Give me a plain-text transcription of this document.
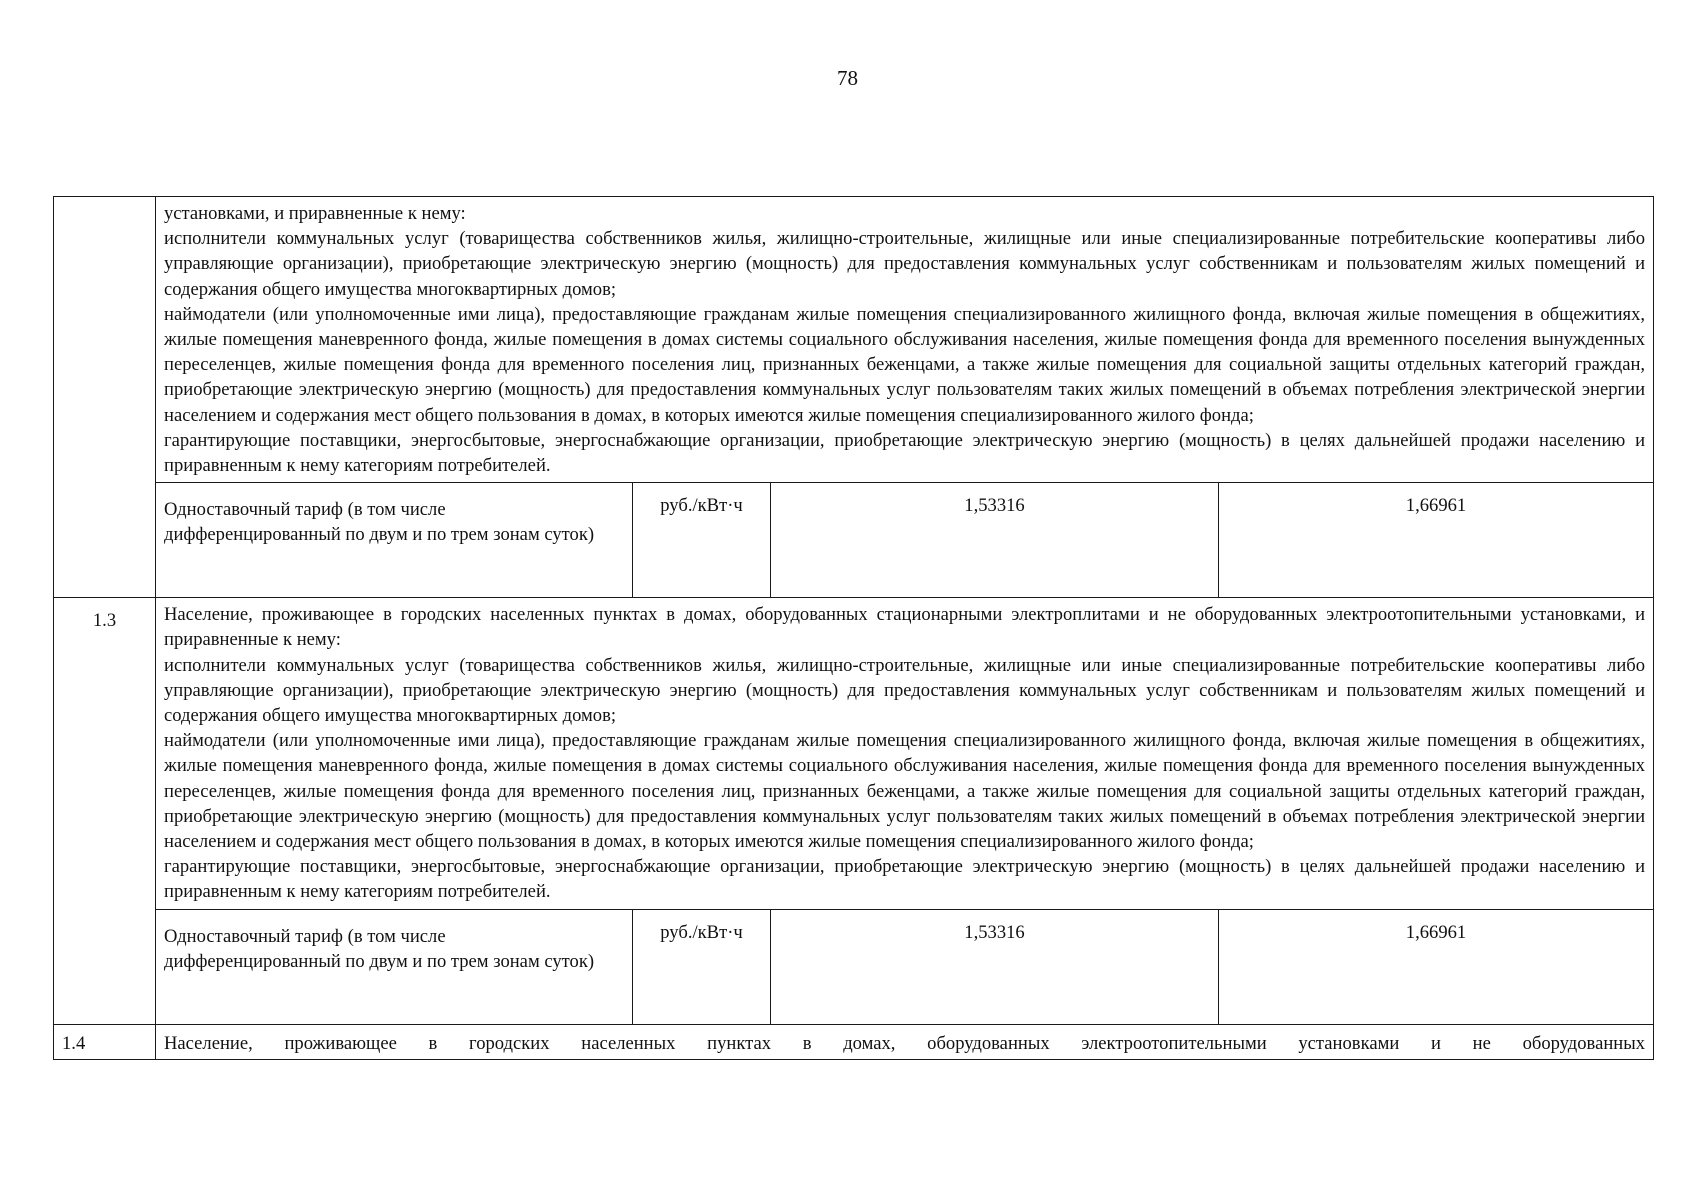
78

	установками, и приравненные к нему:
исполнители коммунальных услуг (товарищества собственников жилья, жилищно-строительные, жилищные или иные специализированные потребительские кооперативы либо управляющие организации), приобретающие электрическую энергию (мощность) для предоставления коммунальных услуг собственникам и пользователям жилых помещений и содержания общего имущества многоквартирных домов;
наймодатели (или уполномоченные ими лица), предоставляющие гражданам жилые помещения специализированного жилищного фонда, включая жилые помещения в общежитиях, жилые помещения маневренного фонда, жилые помещения в домах системы социального обслуживания населения, жилые помещения фонда для временного поселения вынужденных переселенцев, жилые помещения фонда для временного поселения лиц, признанных беженцами, а также жилые помещения для социальной защиты отдельных категорий граждан, приобретающие электрическую энергию (мощность) для предоставления коммунальных услуг пользователям таких жилых помещений в объемах потребления электрической энергии населением и содержания мест общего пользования в домах, в которых имеются жилые помещения специализированного жилого фонда;
гарантирующие поставщики, энергосбытовые, энергоснабжающие организации, приобретающие электрическую энергию (мощность) в целях дальнейшей продажи населению и приравненным к нему категориям потребителей.			

	Одноставочный тариф (в том числе дифференцированный по двум и по трем зонам суток)	руб./кВт·ч	1,53316	1,66961
1.3	Население, проживающее в городских населенных пунктах в домах, оборудованных стационарными электроплитами и не оборудованных электроотопительными установками, и приравненные к нему:
исполнители коммунальных услуг (товарищества собственников жилья, жилищно-строительные, жилищные или иные специализированные потребительские кооперативы либо управляющие организации), приобретающие электрическую энергию (мощность) для предоставления коммунальных услуг собственникам и пользователям жилых помещений и содержания общего имущества многоквартирных домов;
наймодатели (или уполномоченные ими лица), предоставляющие гражданам жилые помещения специализированного жилищного фонда, включая жилые помещения в общежитиях, жилые помещения маневренного фонда, жилые помещения в домах системы социального обслуживания населения, жилые помещения фонда для временного поселения вынужденных переселенцев, жилые помещения фонда для временного поселения лиц, признанных беженцами, а также жилые помещения для социальной защиты отдельных категорий граждан, приобретающие электрическую энергию (мощность) для предоставления коммунальных услуг пользователям таких жилых помещений в объемах потребления электрической энергии населением и содержания мест общего пользования в домах, в которых имеются жилые помещения специализированного жилого фонда;
гарантирующие поставщики, энергосбытовые, энергоснабжающие организации, приобретающие электрическую энергию (мощность) в целях дальнейшей продажи населению и приравненным к нему категориям потребителей.			

	Одноставочный тариф (в том числе дифференцированный по двум и по трем зонам суток)	руб./кВт·ч	1,53316	1,66961
1.4	Население, проживающее в городских населенных пунктах в домах, оборудованных электроотопительными установками и не оборудованных			
